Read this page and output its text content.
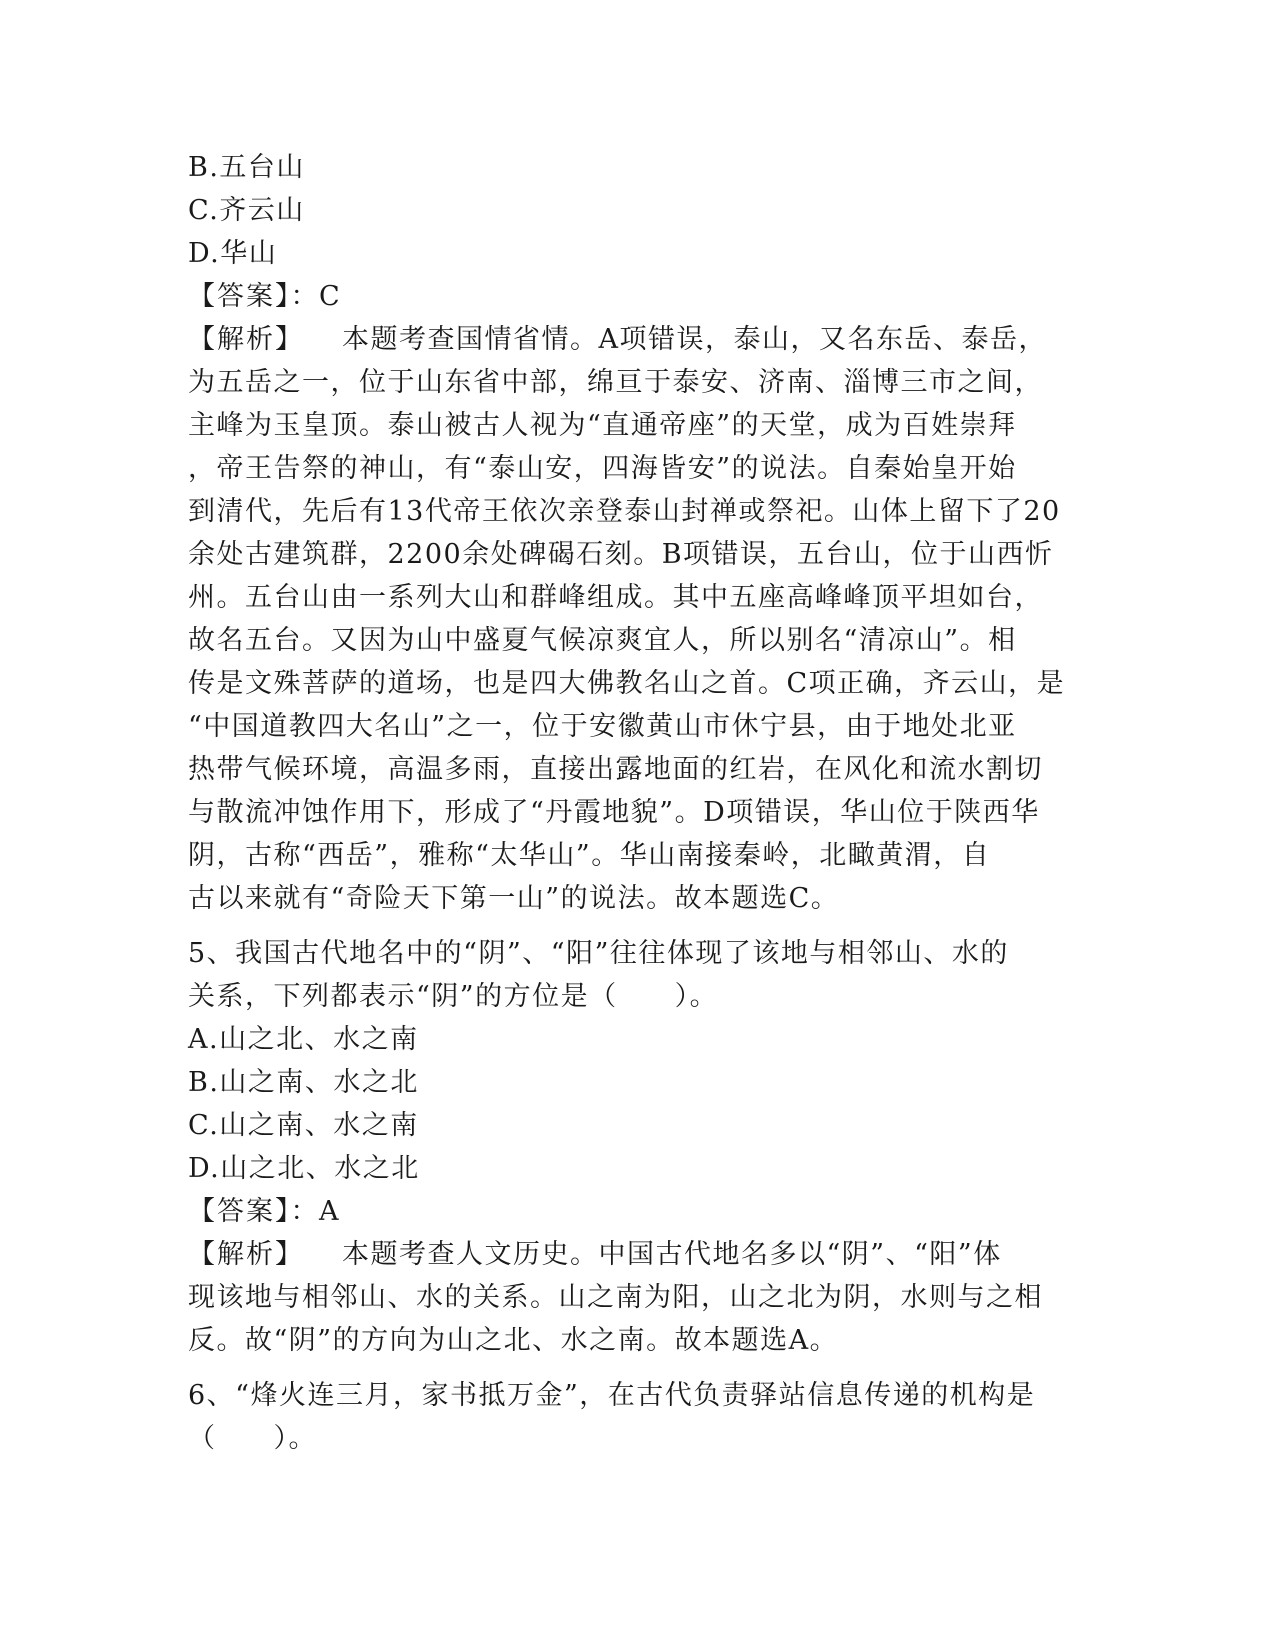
B.五台山
C.齐云山
D.华山
【答案】：C
【解析】 本题考查国情省情。A项错误，泰山，又名东岳、泰岳，
为五岳之一，位于山东省中部，绵亘于泰安、济南、淄博三市之间，
主峰为玉皇顶。泰山被古人视为“直通帝座”的天堂，成为百姓崇拜
，帝王告祭的神山，有“泰山安，四海皆安”的说法。自秦始皇开始
到清代，先后有13代帝王依次亲登泰山封禅或祭祀。山体上留下了20
余处古建筑群，2200余处碑碣石刻。B项错误，五台山，位于山西忻
州。五台山由一系列大山和群峰组成。其中五座高峰峰顶平坦如台，
故名五台。又因为山中盛夏气候凉爽宜人，所以别名“清凉山”。相
传是文殊菩萨的道场，也是四大佛教名山之首。C项正确，齐云山，是
“中国道教四大名山”之一，位于安徽黄山市休宁县，由于地处北亚
热带气候环境，高温多雨，直接出露地面的红岩，在风化和流水割切
与散流冲蚀作用下，形成了“丹霞地貌”。D项错误，华山位于陕西华
阴，古称“西岳”，雅称“太华山”。华山南接秦岭，北瞰黄渭，自
古以来就有“奇险天下第一山”的说法。故本题选C。
5、我国古代地名中的“阴”、“阳”往往体现了该地与相邻山、水的
关系，下列都表示“阴”的方位是（　　）。
A.山之北、水之南
B.山之南、水之北
C.山之南、水之南
D.山之北、水之北
【答案】：A
【解析】 本题考查人文历史。中国古代地名多以“阴”、“阳”体
现该地与相邻山、水的关系。山之南为阳，山之北为阴，水则与之相
反。故“阴”的方向为山之北、水之南。故本题选A。
6、“烽火连三月，家书抵万金”，在古代负责驿站信息传递的机构是
（　　）。
